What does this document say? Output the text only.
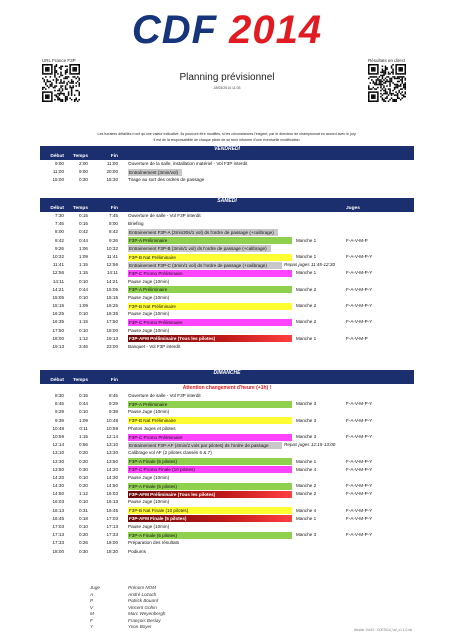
CDF 2014
URL France F3P	Résultats en direct
Planning prévisionnel
28/03/2014 11:03
Les horaires détaillés n'ont qu'une valeur indicative. Ils pourront être modifiés, si les circonstances l'exigent, par le directeur de championnat en accord avec le jury.
Il est de la responsabilité de chaque pilote de se tenir informer d'une éventuelle modification.
VENDREDI
Début Temps	Fin
9:00	2:00	11:00 Ouverture de la salle, installation matériel - Vol F3P interdit
11:00	9:00	20:00 Entraînement (3min/vol)
15:00	0:30	15:30 Tirage au sort des ordres de passage
SAMEDI
Début Temps	Fin	Juges
7:30	0:15	7:45 Ouverture de salle - Vol F3P interdit
7:45	0:15	8:00 Briefing
8:00	0:42	8:42 Entrainement F3P-A (3min30s/1 vol) ds l'ordre de passage (+calibrage)
8:42	0:44	9:26 F3P-A Préliminaire	Manche 1	F-A-V-M-P
9:26	1:06	10:32 Entrainement F3P-B (3min/1 vol) ds l'ordre de passage (+calibrage)
10:32	1:09	11:41 F3P-B Nat Préliminaire	Manche 1	F-A-V-M-P-Y
11:41	1:15	12:56 Entrainement F3P-C (3min/1 vol) ds l'ordre de passage (+calibrage)	Repas juges 11:45-12:30
12:56	1:15	14:11 F3P-C Promo Préliminaire	Manche 1	F-A-V-M-P-Y
14:11	0:10	14:21 Pause Juge (10min)
14:21	0:44	15:05 F3P-A Préliminaire	Manche 2	F-A-V-M-P-Y
15:05	0:10	15:15 Pause Juge (10min)
15:15	1:09	16:25 F3P-B Nat Préliminaire	Manche 2	F-A-V-M-P-Y
16:25	0:10	16:35 Pause Juge (10min)
16:35	1:15	17:50 F3P-C Promo Préliminaire	Manche 2	F-A-V-M-P-Y
17:50	0:10	18:00 Pause Juge (10min)
18:00	1:12	19:13 F3P-AFM Préliminaire (Tous les pilotes)	Manche 1	F-A-V-M-P
19:13	3:46	23:00 Banquet - Vol F3P interdit
DIMANCHE
Début Temps	Fin
Attention changement d'heure (+1h) !
8:30	0:15	8:45 Ouverture de salle - Vol F3P interdit
8:45	0:44	9:29 F3P-A Préliminaire	Manche 3	F-A-V-M-P-Y
9:29	0:10	9:39 Pause Juge (10min)
9:39	1:09	10:48 F3P-B Nat Préliminaire	Manche 3	F-A-V-M-P-Y
10:48	0:11	10:59 Photos Juges et pilotes
10:59	1:15	12:14 F3P-C Promo Préliminaire	Manche 3	F-A-V-M-P-Y
12:14	0:56	13:10 Entrainement F3P-AF (4min/2 vols par pilotes) ds l'ordre de passage	Repas juges 12:15-13:00
13:10	0:20	13:30 Calibrage vol AF (2 pilotes classés 6 & 7)
13:30	0:20	13:50 F3P-A Finale (5 pilotes)	Manche 1	F-A-V-M-P-Y
13:50	0:30	14:20 F3P-C Promo Finale (10 pilotes)	Manche 4	F-A-V-M-P-Y
14:20	0:10	14:30 Pause Juge (10min)
14:30	0:20	14:50 F3P-A Finale (5 pilotes)	Manche 2	F-A-V-M-P-Y
14:50	1:12	16:03 F3P-AFM Préliminaire (Tous les pilotes)	Manche 2	F-A-V-M-P-Y
16:03	0:10	16:13 Pause Juge (10min)
16:13	0:31	16:45 F3P-B Nat Finale (10 pilotes)	Manche 4	F-A-V-M-P-Y
16:45	0:18	17:03 F3P-AFM Finale (5 pilotes)	Manche 1	F-A-V-M-P-Y
17:03	0:10	17:13 Pause Juge (10min)
17:13	0:20	17:33 F3P-A Finale (5 pilotes)	Manche 3	F-A-V-M-P-Y
17:33	0:26	18:00 Préparation des résultats
18:00	0:30	18:30 Podiums
Juge	Prénom NOM
A	André Lozach
P	Patrick Bouard
V	Vincent Gohin
M	Marc Weyenbergh
F	François Beslay
Y	Yvon Boyer
Version 1/4/14 · CDF2014_Vol_v1.1.0.xls
